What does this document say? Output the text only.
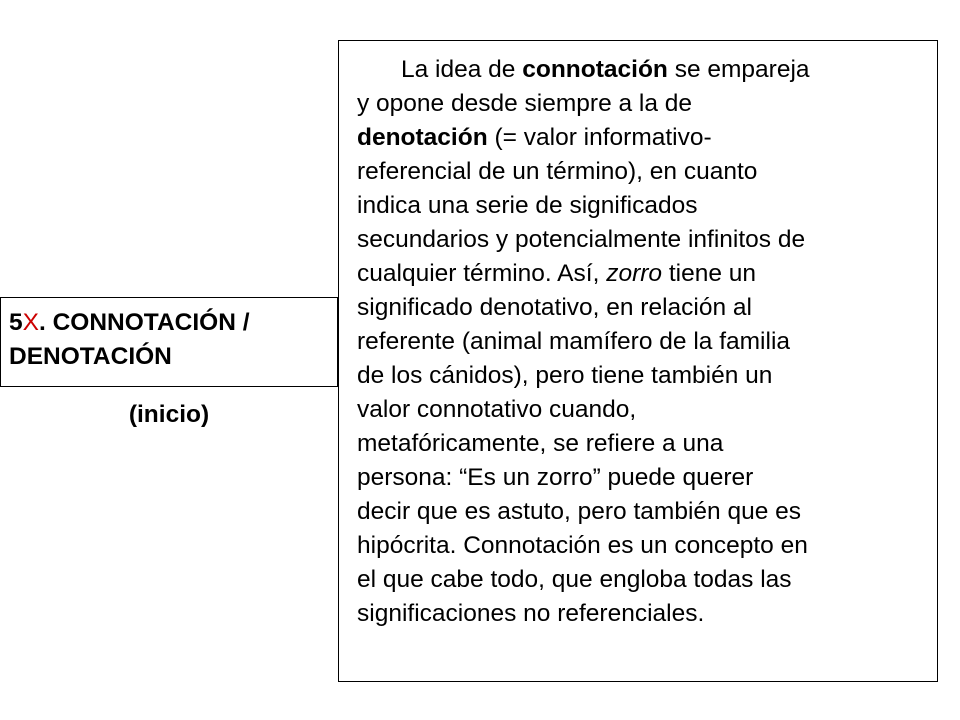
5X. CONNOTACIÓN /
DENOTACIÓN
(inicio)
La idea de connotación se empareja
y opone desde siempre a la de
denotación (= valor informativo-
referencial de un término), en cuanto
indica una serie de significados
secundarios y potencialmente infinitos de
cualquier término. Así, zorro tiene un
significado denotativo, en relación al
referente (animal mamífero de la familia
de los cánidos), pero tiene también un
valor connotativo cuando,
metafóricamente, se refiere a una
persona: “Es un zorro” puede querer
decir que es astuto, pero también que es
hipócrita. Connotación es un concepto en
el que cabe todo, que engloba todas las
significaciones no referenciales.
